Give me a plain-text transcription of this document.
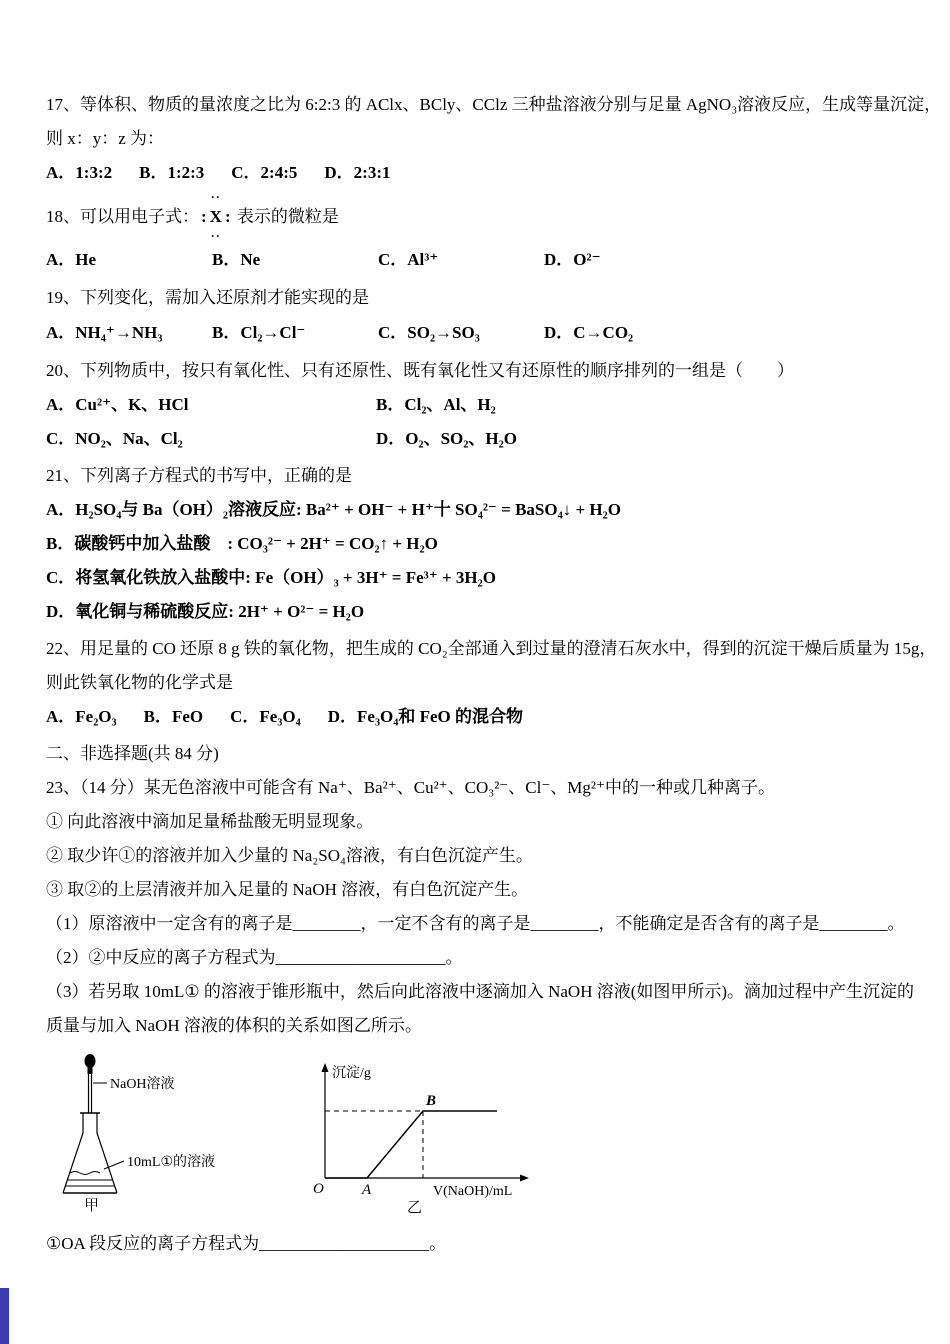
17、等体积、物质的量浓度之比为 6:2:3 的 AClx、BCly、CClz 三种盐溶液分别与足量 AgNO₃溶液反应，生成等量沉淀，

则 x：y：z 为：

A．1:3:2 B．1:2:3 C．2:4:5 D．2:3:1

18、可以用电子式： :
··
X
··
: 表示的微粒是

A．He	B．Ne	C．Al³⁺	D．O²⁻

19、下列变化，需加入还原剂才能实现的是

A．NH₄⁺→NH₃	B．Cl₂→Cl⁻	C．SO₂→SO₃	D．C→CO₂

20、下列物质中，按只有氧化性、只有还原性、既有氧化性又有还原性的顺序排列的一组是（　　）

A．Cu²⁺、K、HCl	B．Cl₂、Al、H₂
C．NO₂、Na、Cl₂	D．O₂、SO₂、H₂O

21、下列离子方程式的书写中，正确的是

A．H₂SO₄与 Ba（OH）₂溶液反应: Ba²⁺ + OH⁻ + H⁺十 SO₄²⁻ = BaSO₄↓ + H₂O

B．碳酸钙中加入盐酸　: CO₃²⁻ + 2H⁺ = CO₂↑ + H₂O

C．将氢氧化铁放入盐酸中: Fe（OH）₃ + 3H⁺ = Fe³⁺ + 3H₂O

D．氧化铜与稀硫酸反应: 2H⁺ + O²⁻ = H₂O

22、用足量的 CO 还原 8 g 铁的氧化物，把生成的 CO₂全部通入到过量的澄清石灰水中，得到的沉淀干燥后质量为 15g，

则此铁氧化物的化学式是

A．Fe₂O₃ B．FeO C．Fe₃O₄ D．Fe₃O₄和 FeO 的混合物

二、非选择题(共 84 分)

23、（14 分）某无色溶液中可能含有 Na⁺、Ba²⁺、Cu²⁺、CO₃²⁻、Cl⁻、Mg²⁺中的一种或几种离子。

① 向此溶液中滴加足量稀盐酸无明显现象。

② 取少许①的溶液并加入少量的 Na₂SO₄溶液，有白色沉淀产生。

③ 取②的上层清液并加入足量的 NaOH 溶液，有白色沉淀产生。

（1）原溶液中一定含有的离子是________，一定不含有的离子是________，不能确定是否含有的离子是________。

（2）②中反应的离子方程式为____________________。

（3）若另取 10mL① 的溶液于锥形瓶中，然后向此溶液中逐滴加入 NaOH 溶液(如图甲所示)。滴加过程中产生沉淀的

质量与加入 NaOH 溶液的体积的关系如图乙所示。

NaOH溶液
10mL①的溶液
甲
沉淀/g
B
O	A	V(NaOH)/mL
乙

①OA 段反应的离子方程式为____________________。
